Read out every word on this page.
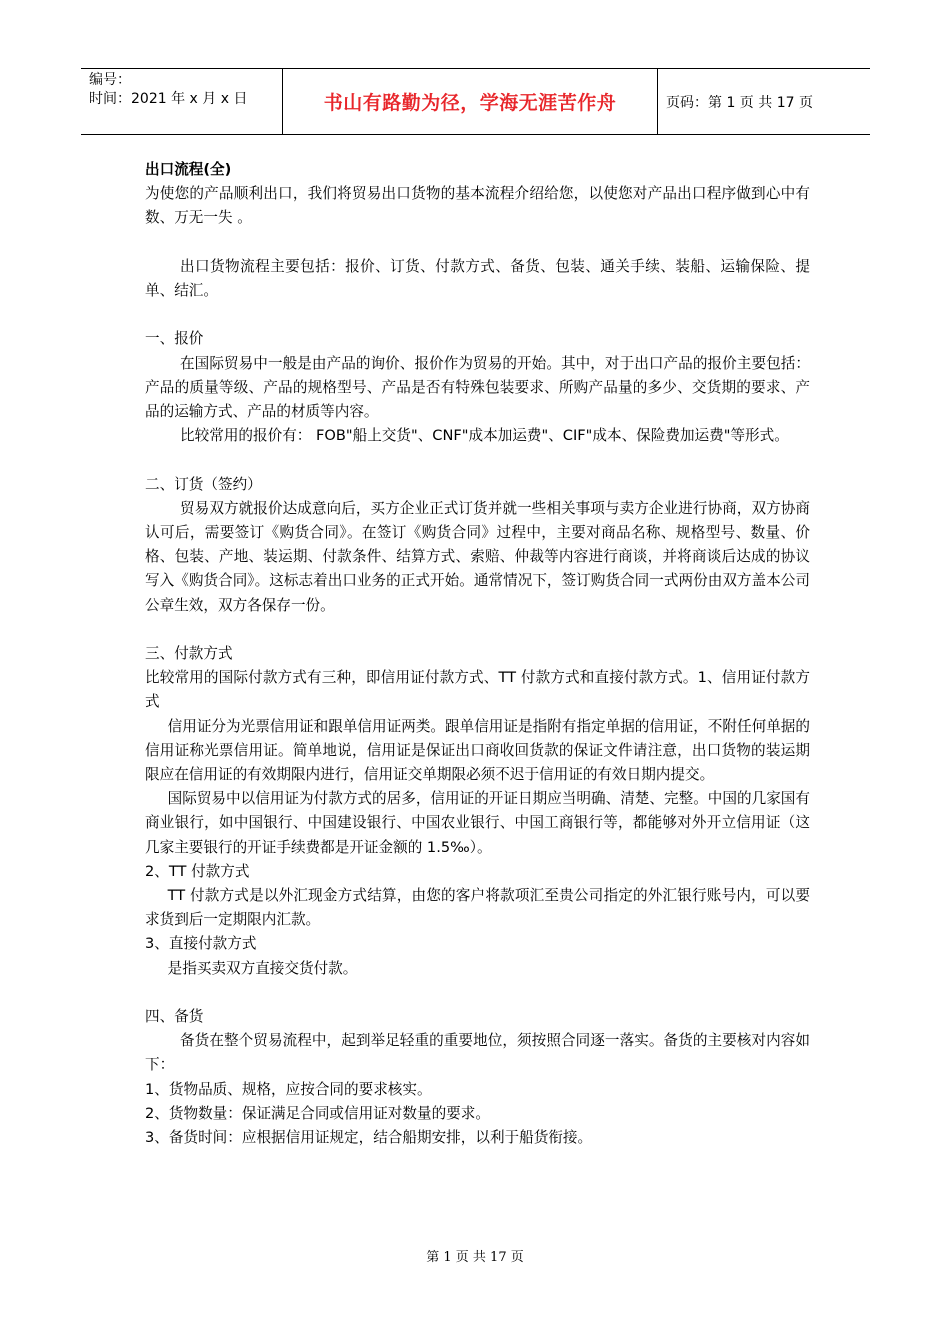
编号：
时间：2021 年 x 月 x 日	书山有路勤为径，学海无涯苦作舟	页码：第 1 页 共 17 页

出口流程(全)

为使您的产品顺利出口，我们将贸易出口货物的基本流程介绍给您，以使您对产品出口程序做到心中有数、万无一失 。

出口货物流程主要包括：报价、订货、付款方式、备货、包装、通关手续、装船、运输保险、提单、结汇。

一、报价

在国际贸易中一般是由产品的询价、报价作为贸易的开始。其中，对于出口产品的报价主要包括：产品的质量等级、产品的规格型号、产品是否有特殊包装要求、所购产品量的多少、交货期的要求、产品的运输方式、产品的材质等内容。

比较常用的报价有： FOB"船上交货"、CNF"成本加运费"、CIF"成本、保险费加运费"等形式。

二、订货（签约）

贸易双方就报价达成意向后，买方企业正式订货并就一些相关事项与卖方企业进行协商，双方协商认可后，需要签订《购货合同》。在签订《购货合同》过程中，主要对商品名称、规格型号、数量、价格、包装、产地、装运期、付款条件、结算方式、索赔、仲裁等内容进行商谈，并将商谈后达成的协议写入《购货合同》。这标志着出口业务的正式开始。通常情况下，签订购货合同一式两份由双方盖本公司公章生效，双方各保存一份。

三、付款方式

比较常用的国际付款方式有三种，即信用证付款方式、TT 付款方式和直接付款方式。1、信用证付款方式

信用证分为光票信用证和跟单信用证两类。跟单信用证是指附有指定单据的信用证，不附任何单据的信用证称光票信用证。简单地说，信用证是保证出口商收回货款的保证文件请注意，出口货物的装运期限应在信用证的有效期限内进行，信用证交单期限必须不迟于信用证的有效日期内提交。

国际贸易中以信用证为付款方式的居多，信用证的开证日期应当明确、清楚、完整。中国的几家国有商业银行，如中国银行、中国建设银行、中国农业银行、中国工商银行等，都能够对外开立信用证（这几家主要银行的开证手续费都是开证金额的 1.5‰）。

2、TT 付款方式

TT 付款方式是以外汇现金方式结算，由您的客户将款项汇至贵公司指定的外汇银行账号内，可以要求货到后一定期限内汇款。

3、直接付款方式

是指买卖双方直接交货付款。

四、备货

备货在整个贸易流程中，起到举足轻重的重要地位，须按照合同逐一落实。备货的主要核对内容如下：

1、货物品质、规格，应按合同的要求核实。

2、货物数量：保证满足合同或信用证对数量的要求。

3、备货时间：应根据信用证规定，结合船期安排，以利于船货衔接。

第 1 页 共 17 页
